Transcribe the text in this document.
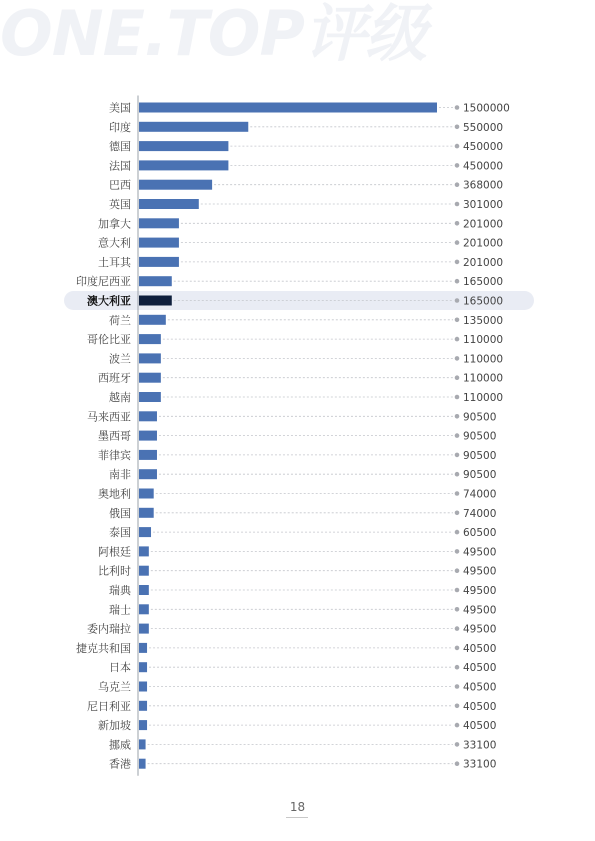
ONE.TOP评级
美国
印度
德国
法国
巴西
英国
加拿大
意大利
土耳其
印度尼西亚
澳大利亚
荷兰
哥伦比亚
波兰
西班牙
越南
马来西亚
墨西哥
菲律宾
南非
奥地利
俄国
泰国
阿根廷
比利时
瑞典
瑞士
委内瑞拉
捷克共和国
日本
乌克兰
尼日利亚
新加坡
挪威
香港
1500000
550000
450000
450000
368000
301000
201000
201000
201000
165000
165000
135000
110000
110000
110000
110000
90500
90500
90500
90500
74000
74000
60500
49500
49500
49500
49500
49500
40500
40500
40500
40500
40500
33100
33100
18
